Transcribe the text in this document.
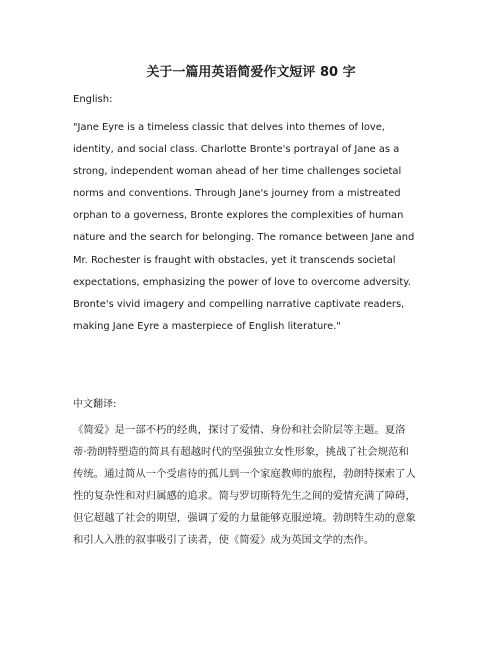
关于一篇用英语简爱作文短评 80 字
English:

"Jane Eyre is a timeless classic that delves into themes of love,
identity, and social class. Charlotte Bronte's portrayal of Jane as a
strong, independent woman ahead of her time challenges societal
norms and conventions. Through Jane's journey from a mistreated
orphan to a governess, Bronte explores the complexities of human
nature and the search for belonging. The romance between Jane and
Mr. Rochester is fraught with obstacles, yet it transcends societal
expectations, emphasizing the power of love to overcome adversity.
Bronte's vivid imagery and compelling narrative captivate readers,
making Jane Eyre a masterpiece of English literature."

中文翻译:

《简爱》是一部不朽的经典，探讨了爱情、身份和社会阶层等主题。夏洛
蒂·勃朗特塑造的简具有超越时代的坚强独立女性形象，挑战了社会规范和
传统。通过简从一个受虐待的孤儿到一个家庭教师的旅程，勃朗特探索了人
性的复杂性和对归属感的追求。简与罗切斯特先生之间的爱情充满了障碍，
但它超越了社会的期望，强调了爱的力量能够克服逆境。勃朗特生动的意象
和引人入胜的叙事吸引了读者，使《简爱》成为英国文学的杰作。
